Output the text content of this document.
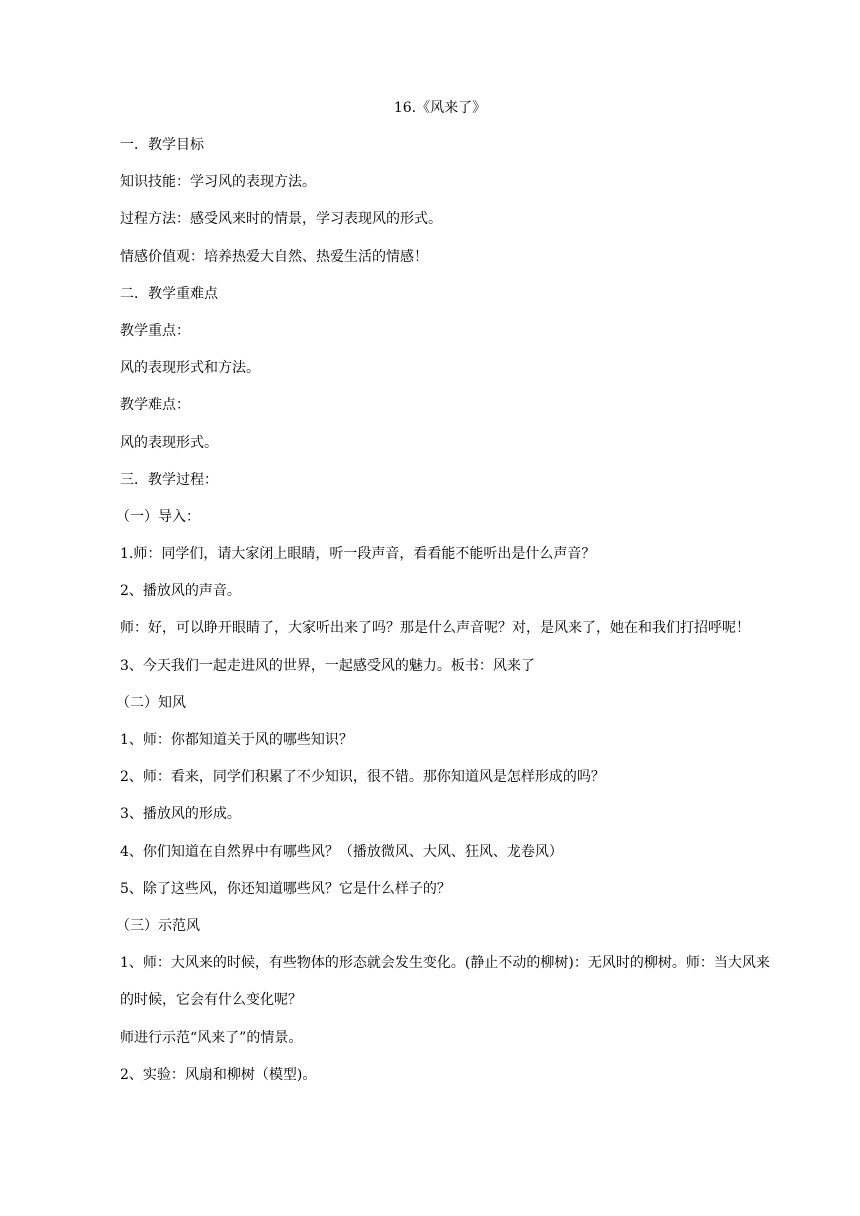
16.《风来了》

一．教学目标

知识技能：学习风的表现方法。

过程方法：感受风来时的情景，学习表现风的形式。

情感价值观：培养热爱大自然、热爱生活的情感！

二．教学重难点

教学重点：

风的表现形式和方法。

教学难点：

风的表现形式。

三．教学过程：

（一）导入：

1.师：同学们，请大家闭上眼睛，听一段声音，看看能不能听出是什么声音？

2、播放风的声音。

师：好，可以睁开眼睛了，大家听出来了吗？那是什么声音呢？对，是风来了，她在和我们打招呼呢！

3、今天我们一起走进风的世界，一起感受风的魅力。板书：风来了

（二）知风

1、师：你都知道关于风的哪些知识？

2、师：看来，同学们积累了不少知识，很不错。那你知道风是怎样形成的吗？

3、播放风的形成。

4、你们知道在自然界中有哪些风？（播放微风、大风、狂风、龙卷风）

5、除了这些风，你还知道哪些风？它是什么样子的？

（三）示范风

1、师：大风来的时候，有些物体的形态就会发生变化。(静止不动的柳树)：无风时的柳树。师：当大风来的时候，它会有什么变化呢？

师进行示范“风来了”的情景。

2、实验：风扇和柳树（模型)。
